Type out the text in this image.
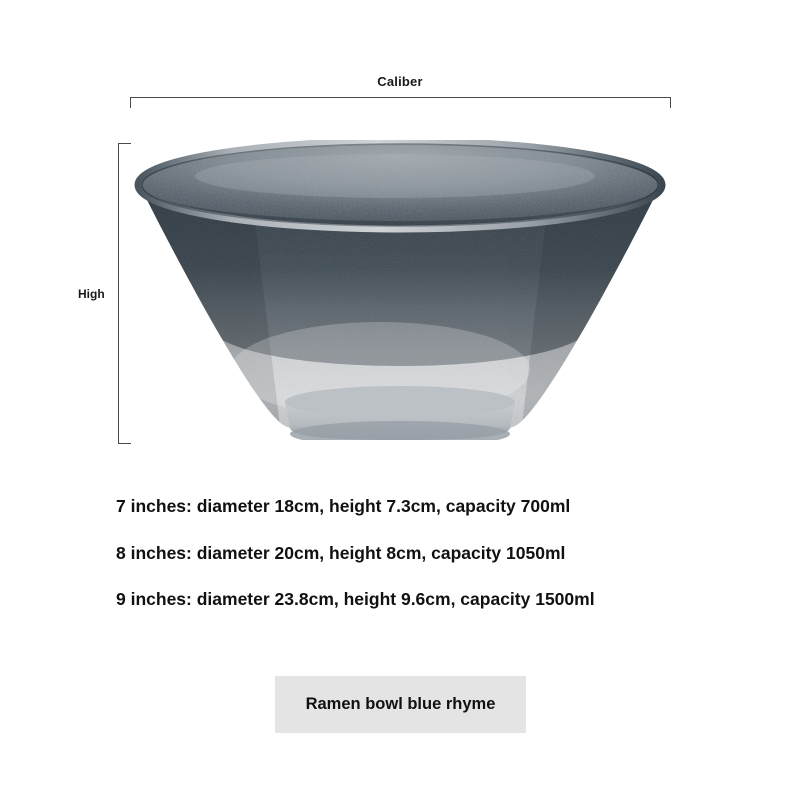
Caliber
High
7 inches: diameter 18cm, height 7.3cm, capacity 700ml
8 inches: diameter 20cm, height 8cm, capacity 1050ml
9 inches: diameter 23.8cm, height 9.6cm, capacity 1500ml
Ramen bowl blue rhyme
